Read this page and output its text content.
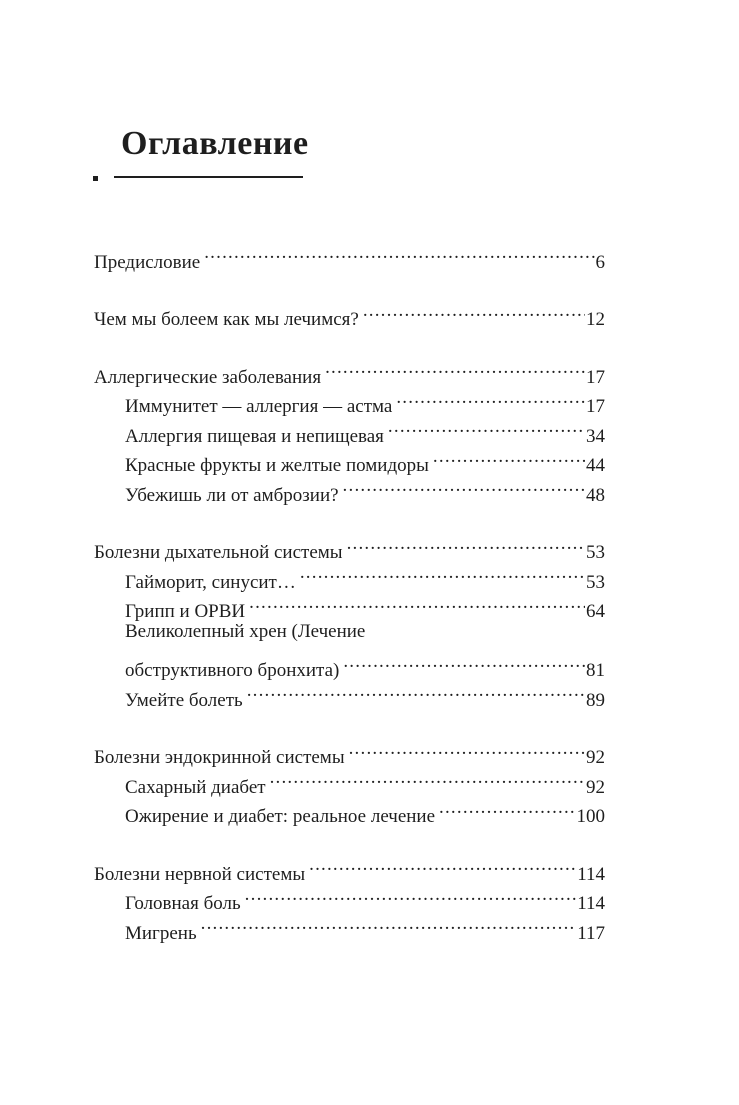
Оглавление
Предисловие .....	6
Чем мы болеем как мы лечимся? .....	12
Аллергические заболевания .....	17
Иммунитет — аллергия — астма .....	17
Аллергия пищевая и непищевая .....	34
Красные фрукты и желтые помидоры .....	44
Убежишь ли от амброзии? .....	48
Болезни дыхательной системы .....	53
Гайморит, синусит… .....	53
Грипп и ОРВИ .....	64
Великолепный хрен (Лечение
обструктивного бронхита) .....	81
Умейте болеть .....	89
Болезни эндокринной системы .....	92
Сахарный диабет .....	92
Ожирение и диабет: реальное лечение .....	100
Болезни нервной системы .....	114
Головная боль .....	114
Мигрень .....	117
